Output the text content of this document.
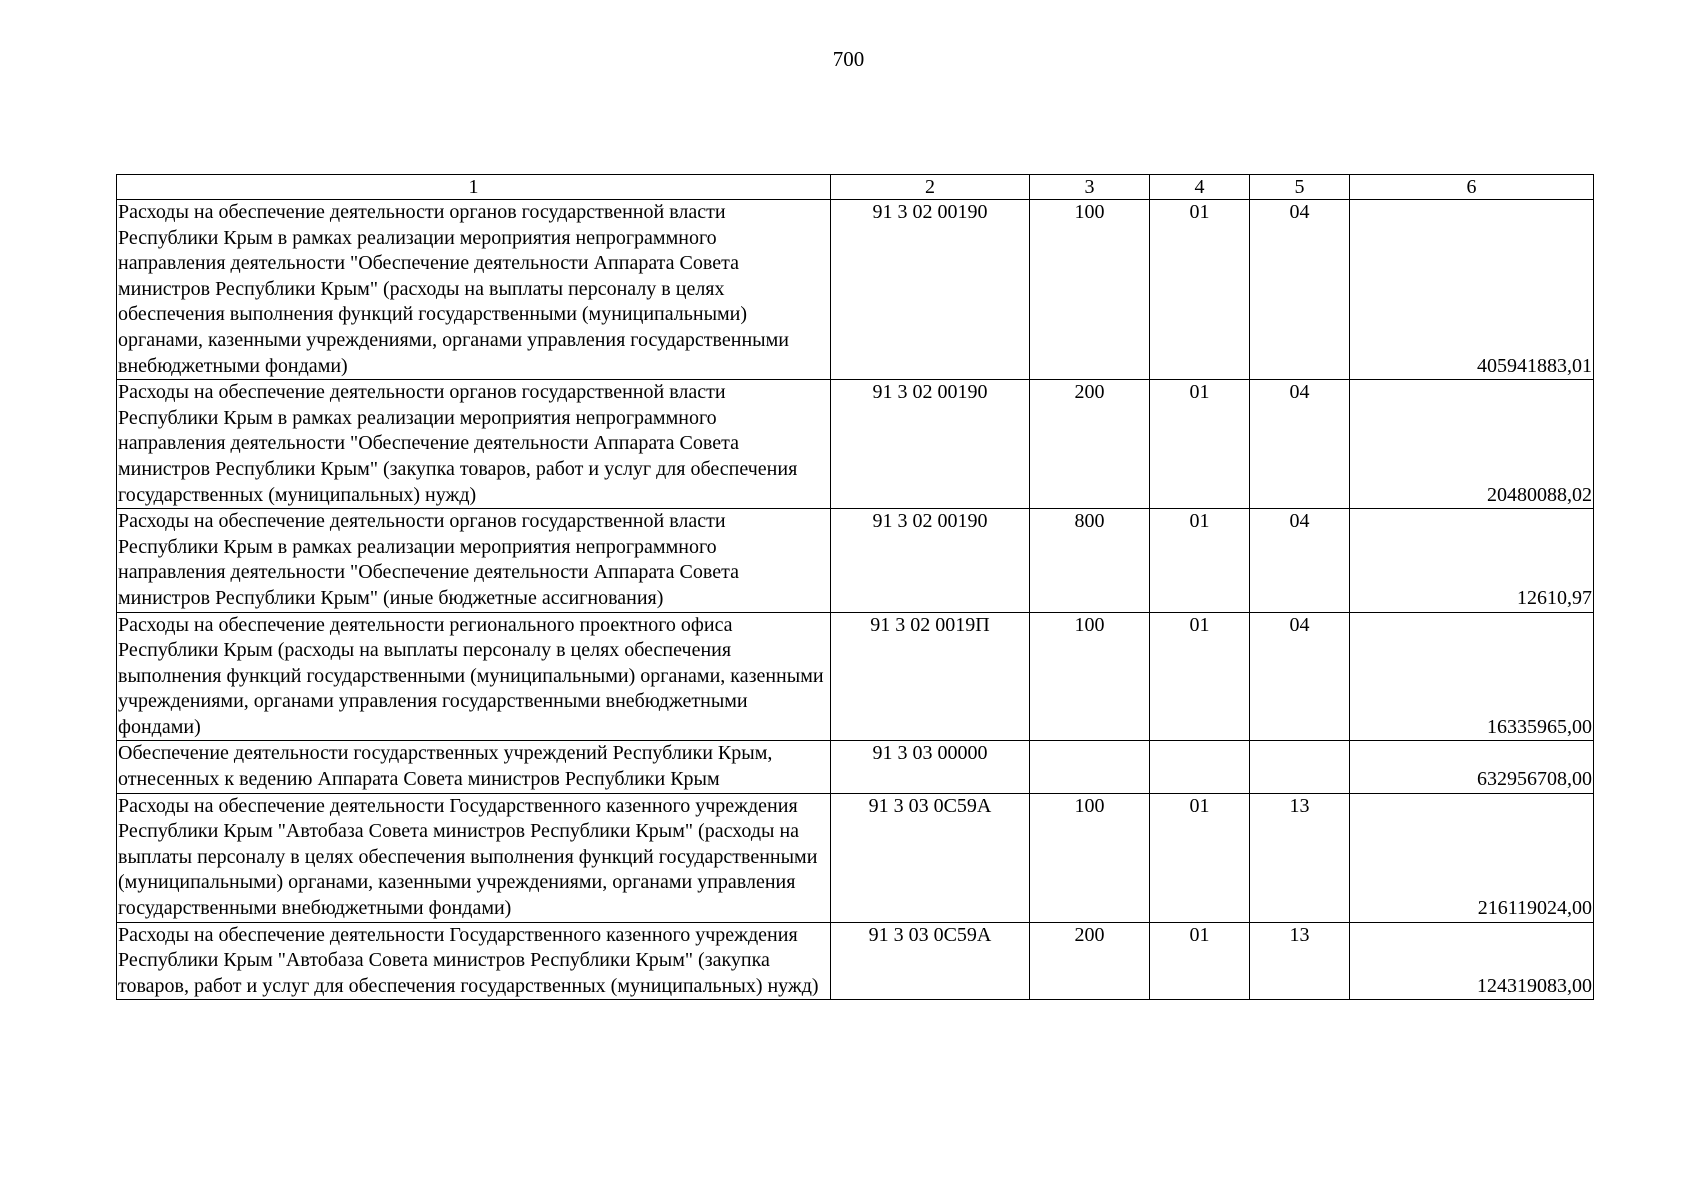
700
1	2	3	4	5	6
Расходы на обеспечение деятельности органов государственной власти Республики Крым в рамках реализации мероприятия непрограммного направления деятельности "Обеспечение деятельности Аппарата Совета министров Республики Крым" (расходы на выплаты персоналу в целях обеспечения выполнения функций государственными (муниципальными) органами, казенными учреждениями, органами управления государственными внебюджетными фондами)	91 3 02 00190	100	01	04	405941883,01
Расходы на обеспечение деятельности органов государственной власти Республики Крым в рамках реализации мероприятия непрограммного направления деятельности "Обеспечение деятельности Аппарата Совета министров Республики Крым" (закупка товаров, работ и услуг для обеспечения государственных (муниципальных) нужд)	91 3 02 00190	200	01	04	20480088,02
Расходы на обеспечение деятельности органов государственной власти Республики Крым в рамках реализации мероприятия непрограммного направления деятельности "Обеспечение деятельности Аппарата Совета министров Республики Крым" (иные бюджетные ассигнования)	91 3 02 00190	800	01	04	12610,97
Расходы на обеспечение деятельности регионального проектного офиса Республики Крым (расходы на выплаты персоналу в целях обеспечения выполнения функций государственными (муниципальными) органами, казенными учреждениями, органами управления государственными внебюджетными фондами)	91 3 02 0019П	100	01	04	16335965,00
Обеспечение деятельности государственных учреждений Республики Крым, отнесенных к ведению Аппарата Совета министров Республики Крым	91 3 03 00000				632956708,00
Расходы на обеспечение деятельности Государственного казенного учреждения Республики Крым "Автобаза Совета министров Республики Крым" (расходы на выплаты персоналу в целях обеспечения выполнения функций государственными (муниципальными) органами, казенными учреждениями, органами управления государственными внебюджетными фондами)	91 3 03 0С59А	100	01	13	216119024,00
Расходы на обеспечение деятельности Государственного казенного учреждения Республики Крым "Автобаза Совета министров Республики Крым" (закупка товаров, работ и услуг для обеспечения государственных (муниципальных) нужд)	91 3 03 0С59А	200	01	13	124319083,00
